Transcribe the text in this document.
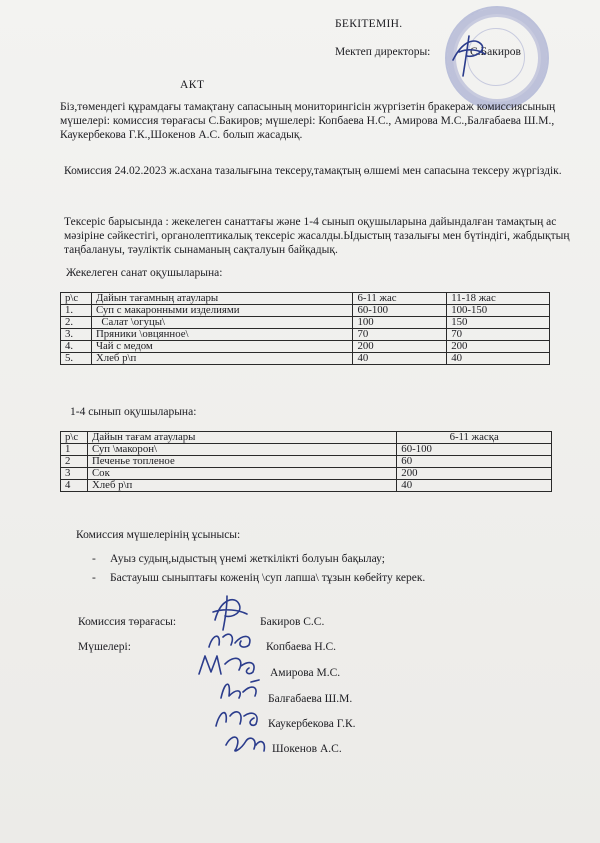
БЕКІТЕМІН.
Мектеп директоры:	С.Бакиров
АКТ
Біз,төмендегі құрамдағы тамақтану сапасының мониторингісін жүргізетін бракераж комиссиясының мүшелері: комиссия төрағасы С.Бакиров; мүшелері: Копбаева Н.С., Амирова М.С.,Балғабаева Ш.М., Каукербекова Г.К.,Шокенов А.С. болып жасадық.
Комиссия 24.02.2023 ж.асхана тазалығына тексеру,тамақтың өлшемі мен сапасына тексеру жүргіздік.
Тексеріс барысында : жекелеген санаттағы және 1-4 сынып оқушыларына дайындалған тамақтың ас мәзіріне сәйкестігі, органолептикалық тексеріс жасалды.Ыдыстың тазалығы мен бүтіндігі, жабдықтың таңбалануы, тәуліктік сынаманың сақталуын байқадық.
Жекелеген санат оқушыларына:
р\с	Дайын тағамның атаулары	6-11 жас	11-18 жас
1.	Суп с макаронными изделиями	60-100	100-150
2.	Салат \огуцы\	100	150
3.	Пряники \овцянное\	70	70
4.	Чай с медом	200	200
5.	Хлеб р\п	40	40
1-4 сынып оқушыларына:
р\с	Дайын тағам атаулары	6-11 жасқа
1	Суп \макорон\	60-100
2	Печенье топленое	60
3	Сок	200
4	Хлеб р\п	40
Комиссия мүшелерінің ұсынысы:
-	Ауыз судың,ыдыстың үнемі жеткілікті болуын бақылау;
-	Бастауыш сыныптағы коженің \суп лапша\ тұзын көбейту керек.
Комиссия төрағасы:	Бакиров С.С.
Мүшелері:	Копбаева Н.С.
Амирова М.С.
Балғабаева Ш.М.
Каукербекова Г.К.
Шокенов А.С.
